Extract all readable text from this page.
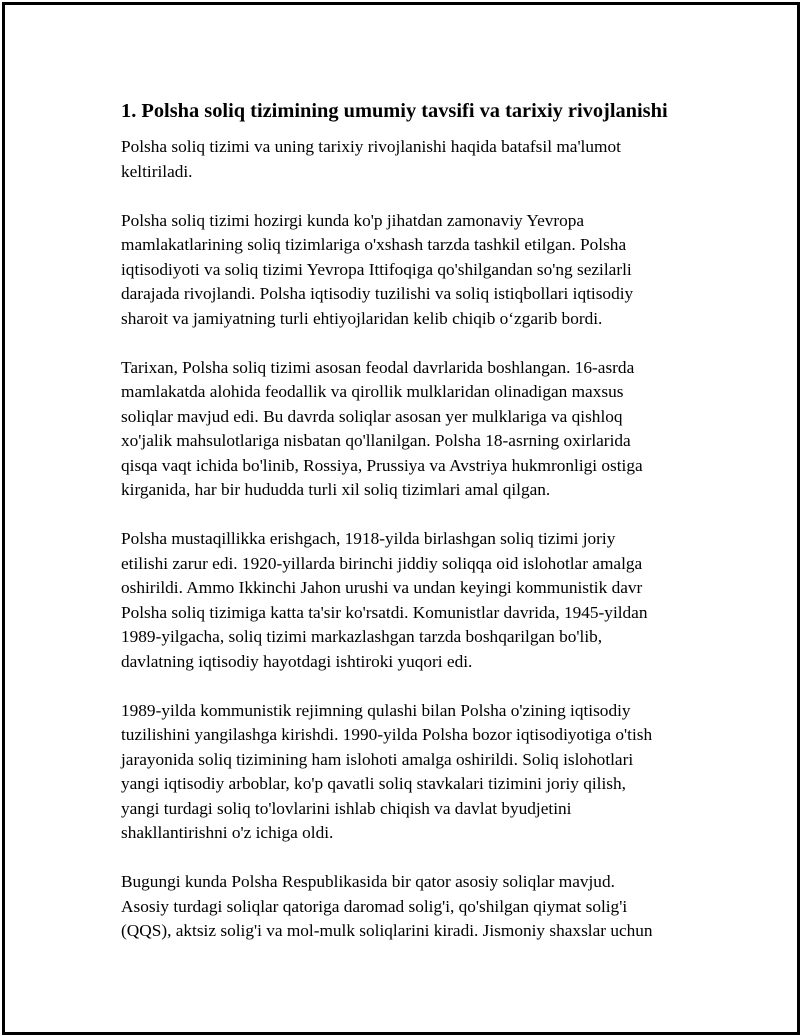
1. Polsha soliq tizimining umumiy tavsifi va tarixiy rivojlanishi

Polsha soliq tizimi va uning tarixiy rivojlanishi haqida batafsil ma'lumot
keltiriladi.

Polsha soliq tizimi hozirgi kunda ko'p jihatdan zamonaviy Yevropa
mamlakatlarining soliq tizimlariga o'xshash tarzda tashkil etilgan. Polsha
iqtisodiyoti va soliq tizimi Yevropa Ittifoqiga qo'shilgandan so'ng sezilarli
darajada rivojlandi. Polsha iqtisodiy tuzilishi va soliq istiqbollari iqtisodiy
sharoit va jamiyatning turli ehtiyojlaridan kelib chiqib o‘zgarib bordi.

Tarixan, Polsha soliq tizimi asosan feodal davrlarida boshlangan. 16-asrda
mamlakatda alohida feodallik va qirollik mulklaridan olinadigan maxsus
soliqlar mavjud edi. Bu davrda soliqlar asosan yer mulklariga va qishloq
xo'jalik mahsulotlariga nisbatan qo'llanilgan. Polsha 18-asrning oxirlarida
qisqa vaqt ichida bo'linib, Rossiya, Prussiya va Avstriya hukmronligi ostiga
kirganida, har bir hududda turli xil soliq tizimlari amal qilgan.

Polsha mustaqillikka erishgach, 1918-yilda birlashgan soliq tizimi joriy
etilishi zarur edi. 1920-yillarda birinchi jiddiy soliqqa oid islohotlar amalga
oshirildi. Ammo Ikkinchi Jahon urushi va undan keyingi kommunistik davr
Polsha soliq tizimiga katta ta'sir ko'rsatdi. Komunistlar davrida, 1945-yildan
1989-yilgacha, soliq tizimi markazlashgan tarzda boshqarilgan bo'lib,
davlatning iqtisodiy hayotdagi ishtiroki yuqori edi.

1989-yilda kommunistik rejimning qulashi bilan Polsha o'zining iqtisodiy
tuzilishini yangilashga kirishdi. 1990-yilda Polsha bozor iqtisodiyotiga o'tish
jarayonida soliq tizimining ham islohoti amalga oshirildi. Soliq islohotlari
yangi iqtisodiy arboblar, ko'p qavatli soliq stavkalari tizimini joriy qilish,
yangi turdagi soliq to'lovlarini ishlab chiqish va davlat byudjetini
shakllantirishni o'z ichiga oldi.

Bugungi kunda Polsha Respublikasida bir qator asosiy soliqlar mavjud.
Asosiy turdagi soliqlar qatoriga daromad solig'i, qo'shilgan qiymat solig'i
(QQS), aktsiz solig'i va mol-mulk soliqlarini kiradi. Jismoniy shaxslar uchun
